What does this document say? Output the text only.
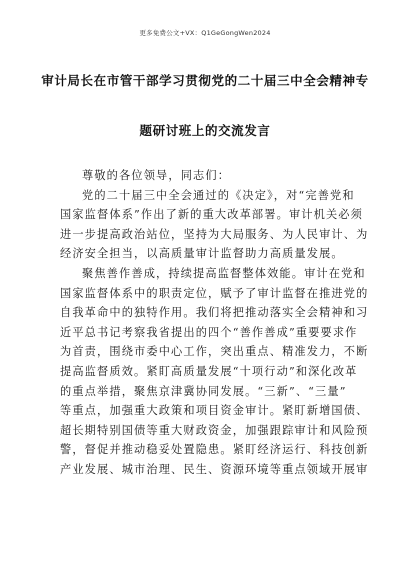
更多免费公文+VX：Q1GeGongWen2024
审计局长在市管干部学习贯彻党的二十届三中全会精神专
题研讨班上的交流发言

尊敬的各位领导，同志们：

党的二十届三中全会通过的《决定》，对“完善党和

国家监督体系”作出了新的重大改革部署。审计机关必须

进一步提高政治站位，坚持为大局服务、为人民审计、为

经济安全担当，以高质量审计监督助力高质量发展。

聚焦善作善成，持续提高监督整体效能。审计在党和

国家监督体系中的职责定位，赋予了审计监督在推进党的

自我革命中的独特作用。我们将把推动落实全会精神和习

近平总书记考察我省提出的四个“善作善成”重要要求作

为首责，围绕市委中心工作，突出重点、精准发力，不断

提高监督质效。紧盯高质量发展“十项行动”和深化改革

的重点举措，聚焦京津冀协同发展。“三新”、“三量”

等重点，加强重大政策和项目资金审计。紧盯新增国债、

超长期特别国债等重大财政资金，加强跟踪审计和风险预

警，督促并推动稳妥处置隐患。紧盯经济运行、科技创新

产业发展、城市治理、民生、资源环境等重点领域开展审
